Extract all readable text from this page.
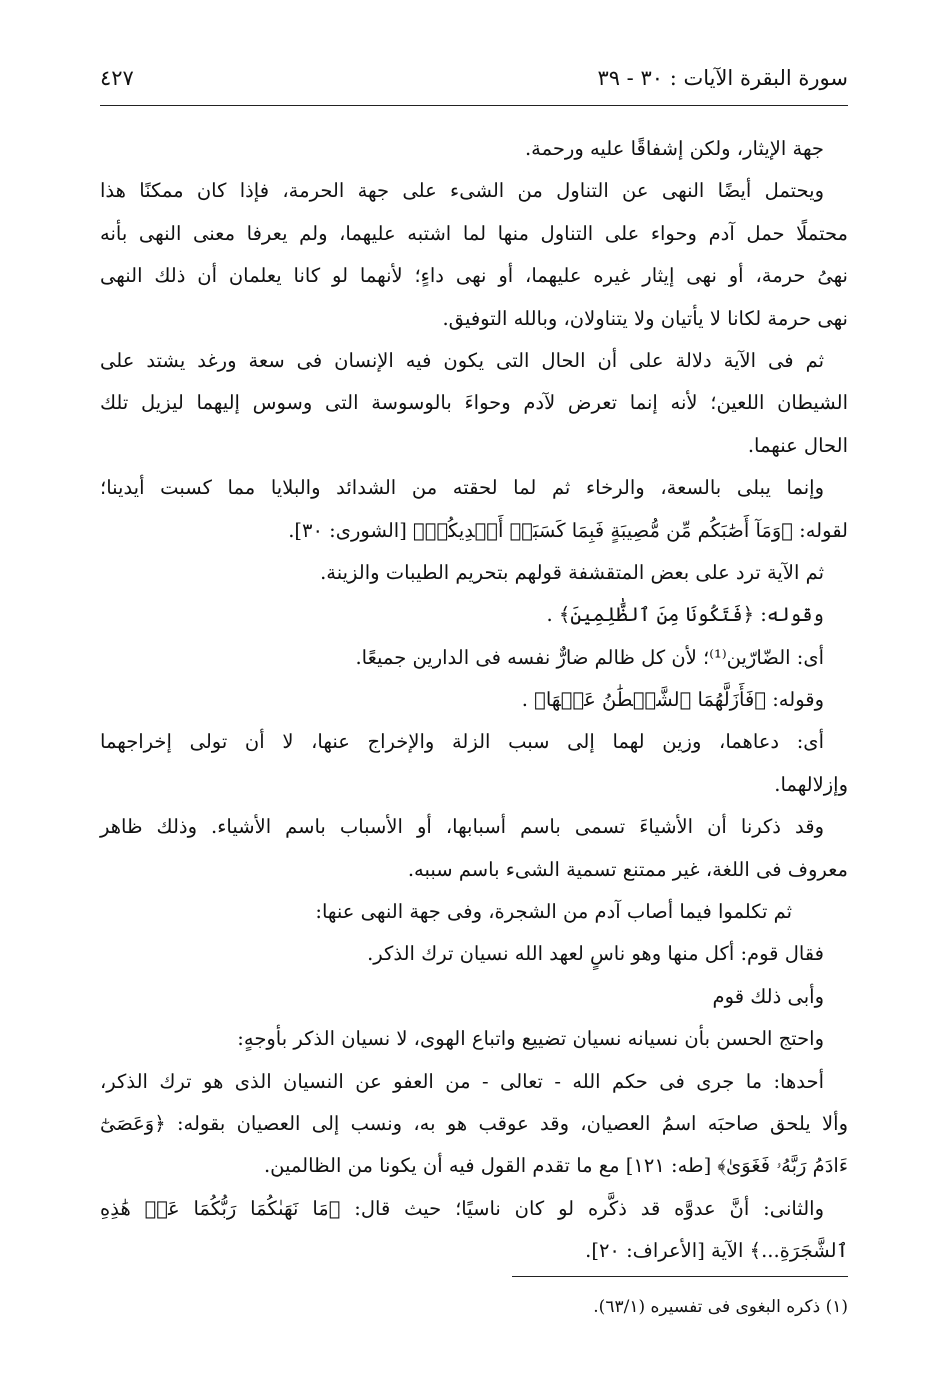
سورة البقرة الآيات : ٣٠ - ٣٩
٤٢٧
جهة الإيثار، ولكن إشفاقًا عليه ورحمة.
ويحتمل أيضًا النهى عن التناول من الشىء على جهة الحرمة، فإذا كان ممكنًا هذا
محتملًا حمل آدم وحواء على التناول منها لما اشتبه عليهما، ولم يعرفا معنى النهى بأنه
نهىُ حرمة، أو نهى إيثار غيره عليهما، أو نهى داءٍ؛ لأنهما لو كانا يعلمان أن ذلك النهى
نهى حرمة لكانا لا يأتيان ولا يتناولان، وبالله التوفيق.
ثم فى الآية دلالة على أن الحال التى يكون فيه الإنسان فى سعة ورغد يشتد على
الشيطان اللعين؛ لأنه إنما تعرض لآدم وحواءَ بالوسوسة التى وسوس إليهما ليزيل تلك
الحال عنهما.
وإنما يبلى بالسعة، والرخاء ثم لما لحقته من الشدائد والبلايا مما كسبت أيدينا؛
لقوله: ﴿وَمَآ أَصَٰبَكُم مِّن مُّصِيبَةٍ فَبِمَا كَسَبَتۡ أَيۡدِيكُمۡ﴾ [الشورى: ٣٠].
ثم الآية ترد على بعض المتقشفة قولهم بتحريم الطيبات والزينة.
وقوله: ﴿فَتَكُونَا مِنَ ٱلظَّٰلِمِينَ﴾ .
أى: الضّارّين⁽¹⁾؛ لأن كل ظالم ضارٌّ نفسه فى الدارين جميعًا.
وقوله: ﴿فَأَزَلَّهُمَا ٱلشَّيۡطَٰنُ عَنۡهَا﴾ .
أى: دعاهما، وزين لهما إلى سبب الزلة والإخراج عنها، لا أن تولى إخراجهما
وإزلالهما.
وقد ذكرنا أن الأشياءَ تسمى باسم أسبابها، أو الأسباب باسم الأشياء. وذلك ظاهر
معروف فى اللغة، غير ممتنع تسمية الشىء باسم سببه.
ثم تكلموا فيما أصاب آدم من الشجرة، وفى جهة النهى عنها:
فقال قوم: أكل منها وهو ناسٍ لعهد الله نسيان ترك الذكر.
وأبى ذلك قوم
واحتج الحسن بأن نسيانه نسيان تضييع واتباع الهوى، لا نسيان الذكر بأوجهٍ:
أحدها: ما جرى فى حكم الله - تعالى - من العفو عن النسيان الذى هو ترك الذكر،
وألا يلحق صاحبَه اسمُ العصيان، وقد عوقب هو به، ونسب إلى العصيان بقوله: ﴿وَعَصَىٰٓ
ءَادَمُ رَبَّهُۥ فَغَوَىٰ﴾ [طه: ١٢١] مع ما تقدم القول فيه أن يكونا من الظالمين.
والثانى: أنَّ عدوَّه قد ذكَّره لو كان ناسيًا؛ حيث قال: ﴿مَا نَهَىٰكُمَا رَبُّكُمَا عَنۡ هَٰذِهِ
ٱلشَّجَرَةِ...﴾ الآية [الأعراف: ٢٠].
(١) ذكره البغوى فى تفسيره (٦٣/١).
